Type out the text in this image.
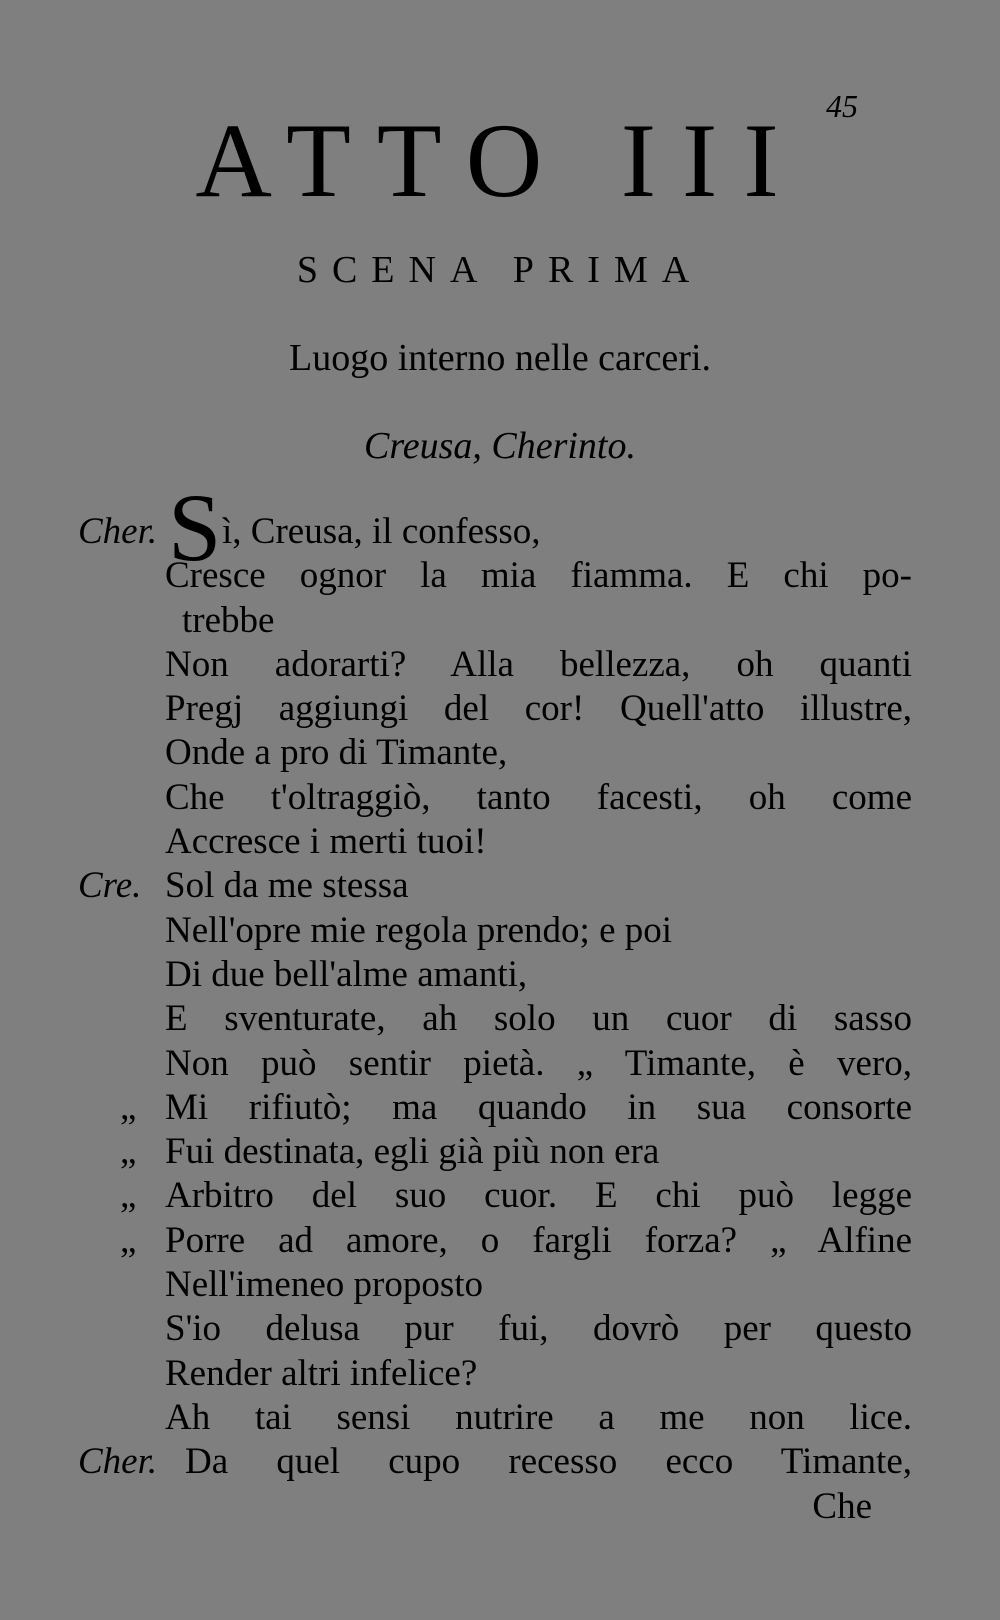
45
ATTO III
SCENA PRIMA
Luogo interno nelle carceri.
Creusa, Cherinto.
Cher. S ì, Creusa, il confesso,
Cresce ognor la mia fiamma. E chi po-
trebbe
Non adorarti? Alla bellezza, oh quanti
Pregj aggiungi del cor! Quell'atto illustre,
Onde a pro di Timante,
Che t'oltraggiò, tanto facesti, oh come
Accresce i merti tuoi!
Cre. Sol da me stessa
Nell'opre mie regola prendo; e poi
Di due bell'alme amanti,
E sventurate, ah solo un cuor di sasso
Non può sentir pietà. „ Timante, è vero,
„ Mi rifiutò; ma quando in sua consorte
„ Fui destinata, egli già più non era
„ Arbitro del suo cuor. E chi può legge
„ Porre ad amore, o fargli forza? „ Alfine
Nell'imeneo proposto
S'io delusa pur fui, dovrò per questo
Render altri infelice?
Ah tai sensi nutrire a me non lice.
Cher. Da quel cupo recesso ecco Timante,
Che
